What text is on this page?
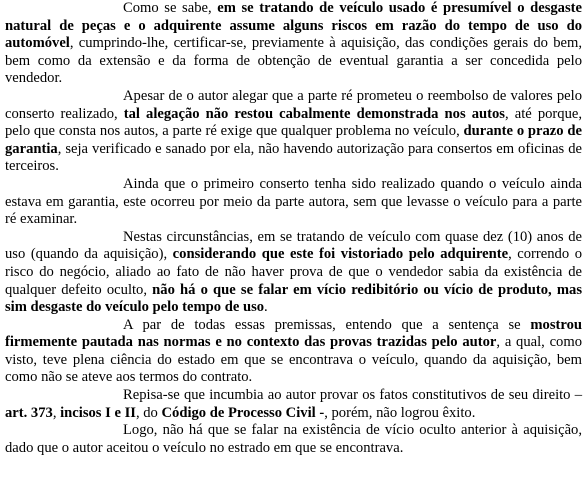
Como se sabe, em se tratando de veículo usado é presumível o desgaste natural de peças e o adquirente assume alguns riscos em razão do tempo de uso do automóvel, cumprindo-lhe, certificar-se, previamente à aquisição, das condições gerais do bem, bem como da extensão e da forma de obtenção de eventual garantia a ser concedida pelo vendedor.

Apesar de o autor alegar que a parte ré prometeu o reembolso de valores pelo conserto realizado, tal alegação não restou cabalmente demonstrada nos autos, até porque, pelo que consta nos autos, a parte ré exige que qualquer problema no veículo, durante o prazo de garantia, seja verificado e sanado por ela, não havendo autorização para consertos em oficinas de terceiros.

Ainda que o primeiro conserto tenha sido realizado quando o veículo ainda estava em garantia, este ocorreu por meio da parte autora, sem que levasse o veículo para a parte ré examinar.

Nestas circunstâncias, em se tratando de veículo com quase dez (10) anos de uso (quando da aquisição), considerando que este foi vistoriado pelo adquirente, correndo o risco do negócio, aliado ao fato de não haver prova de que o vendedor sabia da existência de qualquer defeito oculto, não há o que se falar em vício redibitório ou vício de produto, mas sim desgaste do veículo pelo tempo de uso.

A par de todas essas premissas, entendo que a sentença se mostrou firmemente pautada nas normas e no contexto das provas trazidas pelo autor, a qual, como visto, teve plena ciência do estado em que se encontrava o veículo, quando da aquisição, bem como não se ateve aos termos do contrato.

Repisa-se que incumbia ao autor provar os fatos constitutivos de seu direito – art. 373, incisos I e II, do Código de Processo Civil -, porém, não logrou êxito.

Logo, não há que se falar na existência de vício oculto anterior à aquisição, dado que o autor aceitou o veículo no estrado em que se encontrava.
